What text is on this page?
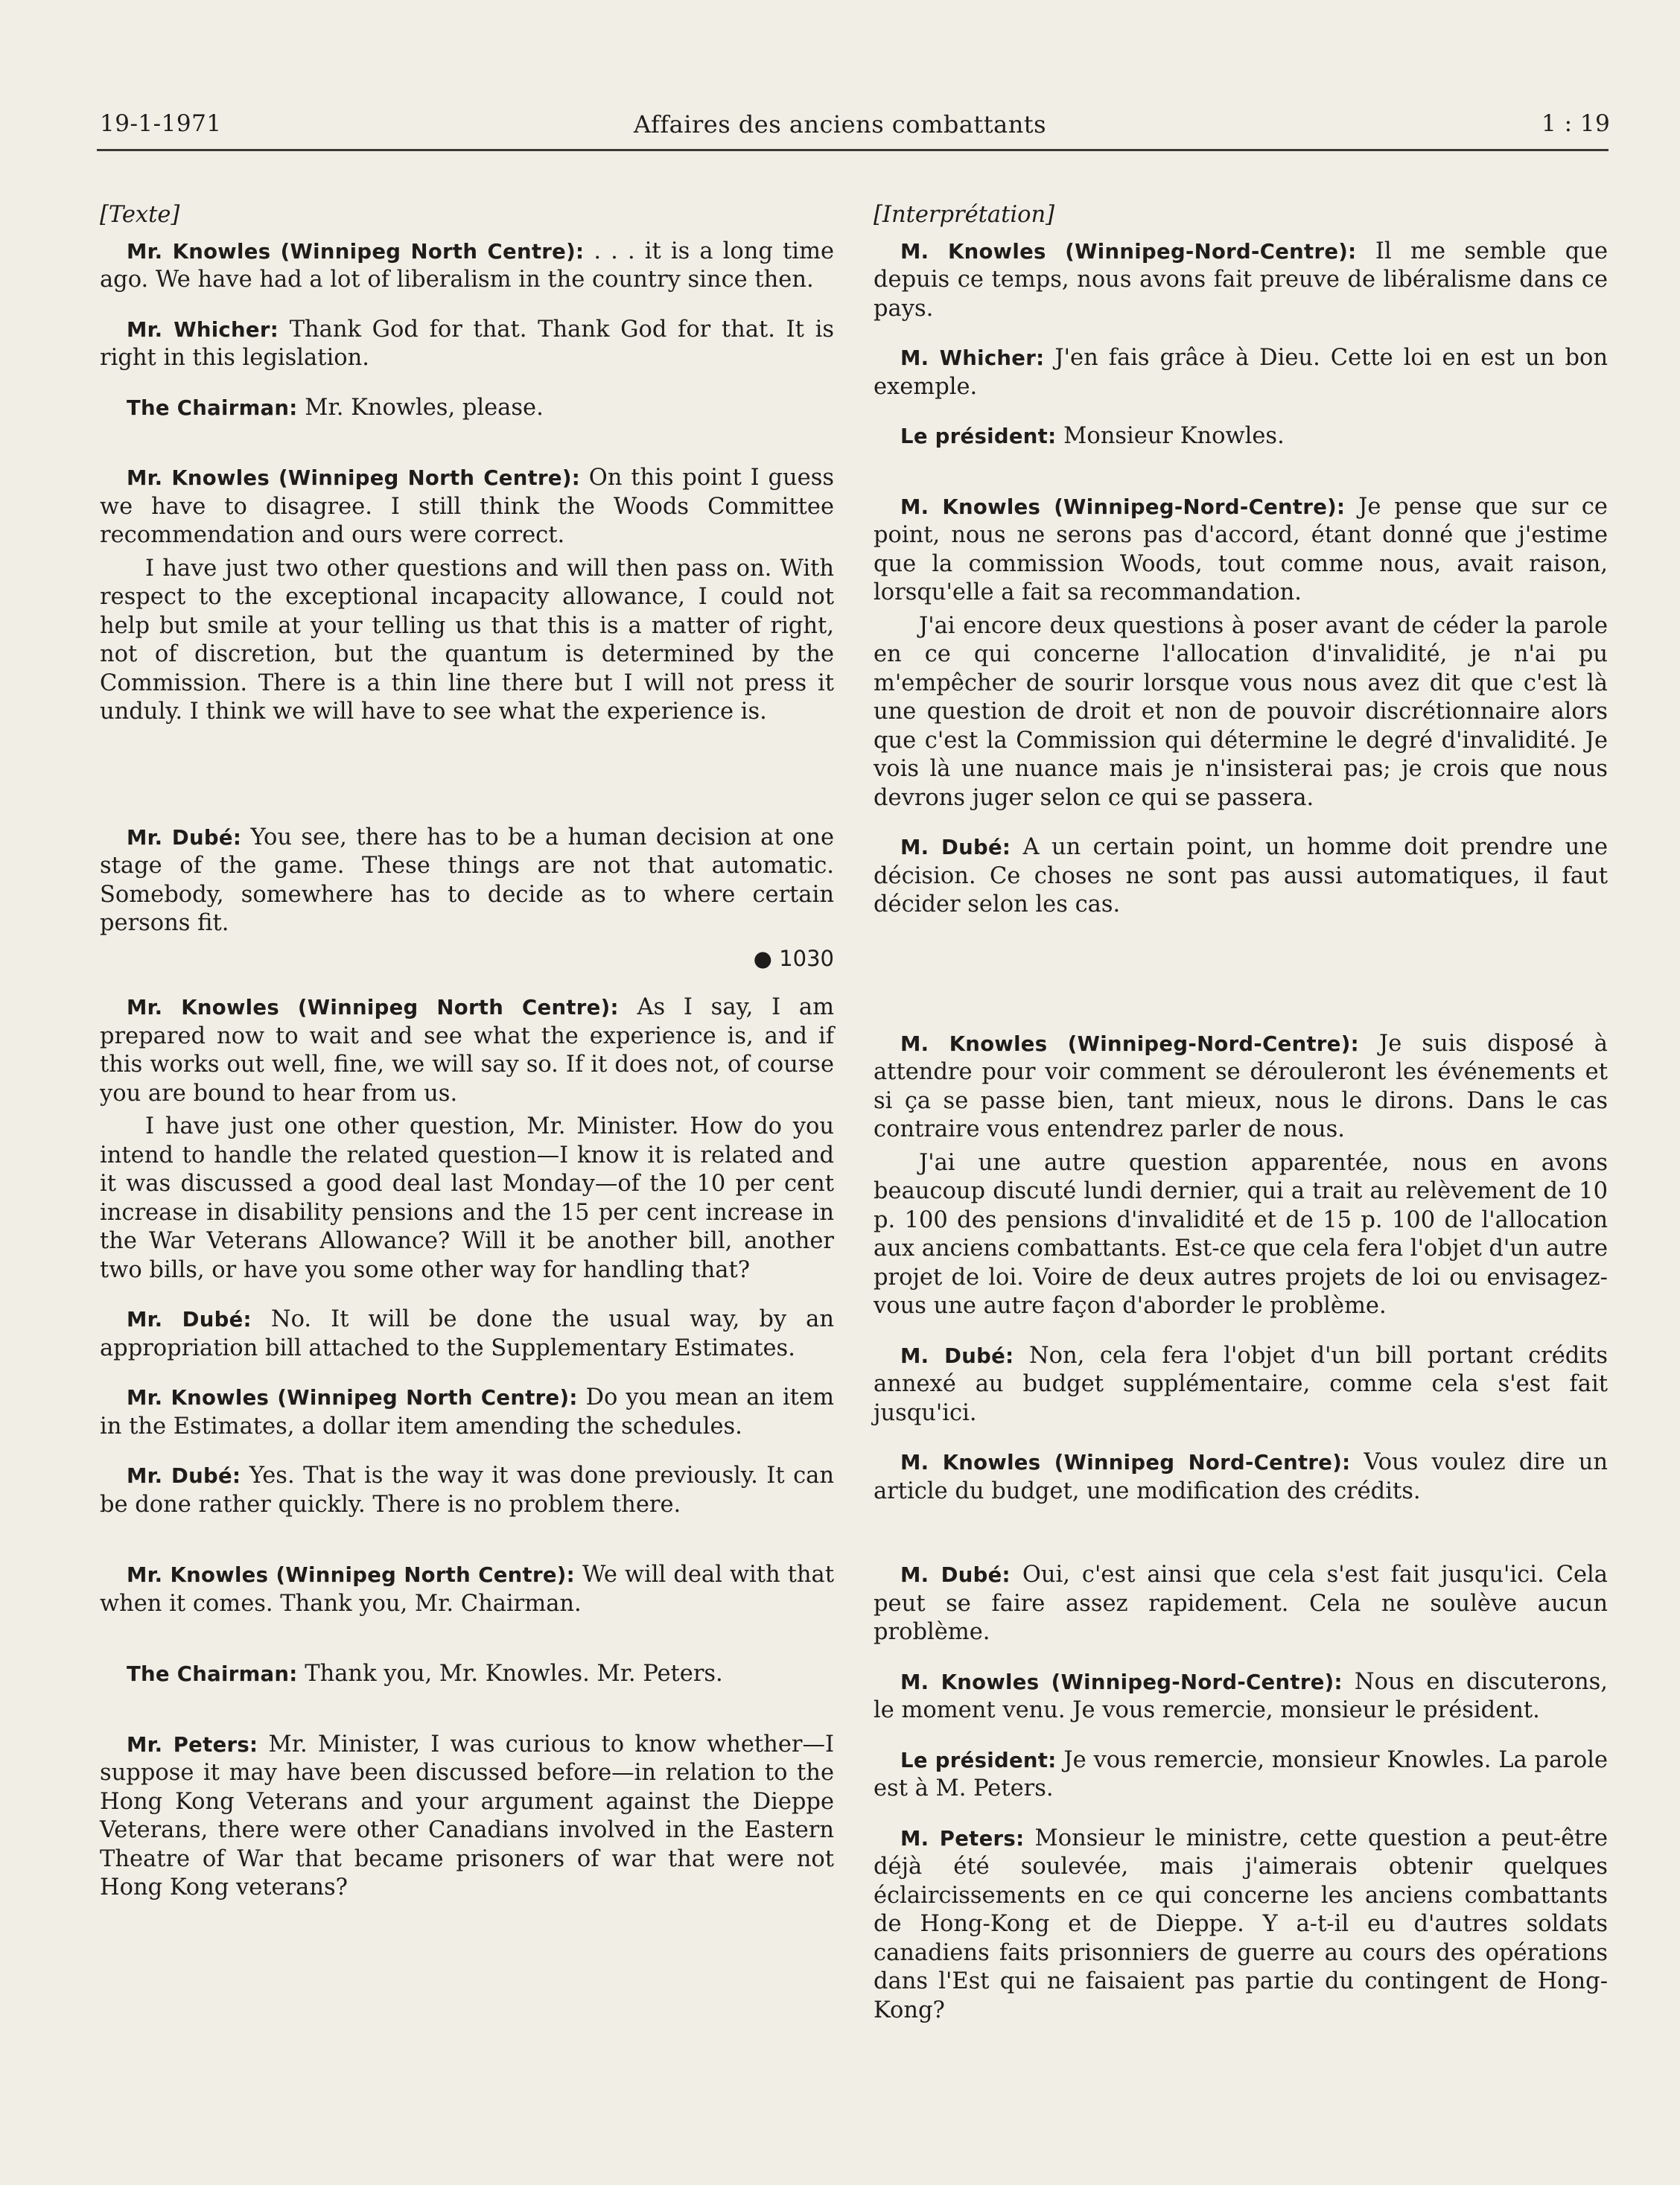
19-1-1971	Affaires des anciens combattants	1 : 19

[Texte]

Mr. Knowles (Winnipeg North Centre): . . . it is a long time ago. We have had a lot of liberalism in the country since then.

Mr. Whicher: Thank God for that. Thank God for that. It is right in this legislation.

The Chairman: Mr. Knowles, please.

Mr. Knowles (Winnipeg North Centre): On this point I guess we have to disagree. I still think the Woods Committee recommendation and ours were correct.

I have just two other questions and will then pass on. With respect to the exceptional incapacity allowance, I could not help but smile at your telling us that this is a matter of right, not of discretion, but the quantum is determined by the Commission. There is a thin line there but I will not press it unduly. I think we will have to see what the experience is.

Mr. Dubé: You see, there has to be a human decision at one stage of the game. These things are not that automatic. Somebody, somewhere has to decide as to where certain persons fit.

● 1030

Mr. Knowles (Winnipeg North Centre): As I say, I am prepared now to wait and see what the experience is, and if this works out well, fine, we will say so. If it does not, of course you are bound to hear from us.

I have just one other question, Mr. Minister. How do you intend to handle the related question—I know it is related and it was discussed a good deal last Monday—of the 10 per cent increase in disability pensions and the 15 per cent increase in the War Veterans Allowance? Will it be another bill, another two bills, or have you some other way for handling that?

Mr. Dubé: No. It will be done the usual way, by an appropriation bill attached to the Supplementary Estimates.

Mr. Knowles (Winnipeg North Centre): Do you mean an item in the Estimates, a dollar item amending the schedules.

Mr. Dubé: Yes. That is the way it was done previously. It can be done rather quickly. There is no problem there.

Mr. Knowles (Winnipeg North Centre): We will deal with that when it comes. Thank you, Mr. Chairman.

The Chairman: Thank you, Mr. Knowles. Mr. Peters.

Mr. Peters: Mr. Minister, I was curious to know whether—I suppose it may have been discussed before—in relation to the Hong Kong Veterans and your argument against the Dieppe Veterans, there were other Canadians involved in the Eastern Theatre of War that became prisoners of war that were not Hong Kong veterans?

[Interprétation]

M. Knowles (Winnipeg-Nord-Centre): Il me semble que depuis ce temps, nous avons fait preuve de libéralisme dans ce pays.

M. Whicher: J'en fais grâce à Dieu. Cette loi en est un bon exemple.

Le président: Monsieur Knowles.

M. Knowles (Winnipeg-Nord-Centre): Je pense que sur ce point, nous ne serons pas d'accord, étant donné que j'estime que la commission Woods, tout comme nous, avait raison, lorsqu'elle a fait sa recommandation.

J'ai encore deux questions à poser avant de céder la parole en ce qui concerne l'allocation d'invalidité, je n'ai pu m'empêcher de sourir lorsque vous nous avez dit que c'est là une question de droit et non de pouvoir discrétionnaire alors que c'est la Commission qui détermine le degré d'invalidité. Je vois là une nuance mais je n'insisterai pas; je crois que nous devrons juger selon ce qui se passera.

M. Dubé: A un certain point, un homme doit prendre une décision. Ce choses ne sont pas aussi automatiques, il faut décider selon les cas.

M. Knowles (Winnipeg-Nord-Centre): Je suis disposé à attendre pour voir comment se dérouleront les événements et si ça se passe bien, tant mieux, nous le dirons. Dans le cas contraire vous entendrez parler de nous.

J'ai une autre question apparentée, nous en avons beaucoup discuté lundi dernier, qui a trait au relèvement de 10 p. 100 des pensions d'invalidité et de 15 p. 100 de l'allocation aux anciens combattants. Est-ce que cela fera l'objet d'un autre projet de loi. Voire de deux autres projets de loi ou envisagez-vous une autre façon d'aborder le problème.

M. Dubé: Non, cela fera l'objet d'un bill portant crédits annexé au budget supplémentaire, comme cela s'est fait jusqu'ici.

M. Knowles (Winnipeg Nord-Centre): Vous voulez dire un article du budget, une modification des crédits.

M. Dubé: Oui, c'est ainsi que cela s'est fait jusqu'ici. Cela peut se faire assez rapidement. Cela ne soulève aucun problème.

M. Knowles (Winnipeg-Nord-Centre): Nous en discuterons, le moment venu. Je vous remercie, monsieur le président.

Le président: Je vous remercie, monsieur Knowles. La parole est à M. Peters.

M. Peters: Monsieur le ministre, cette question a peut-être déjà été soulevée, mais j'aimerais obtenir quelques éclaircissements en ce qui concerne les anciens combattants de Hong-Kong et de Dieppe. Y a-t-il eu d'autres soldats canadiens faits prisonniers de guerre au cours des opérations dans l'Est qui ne faisaient pas partie du contingent de Hong-Kong?
